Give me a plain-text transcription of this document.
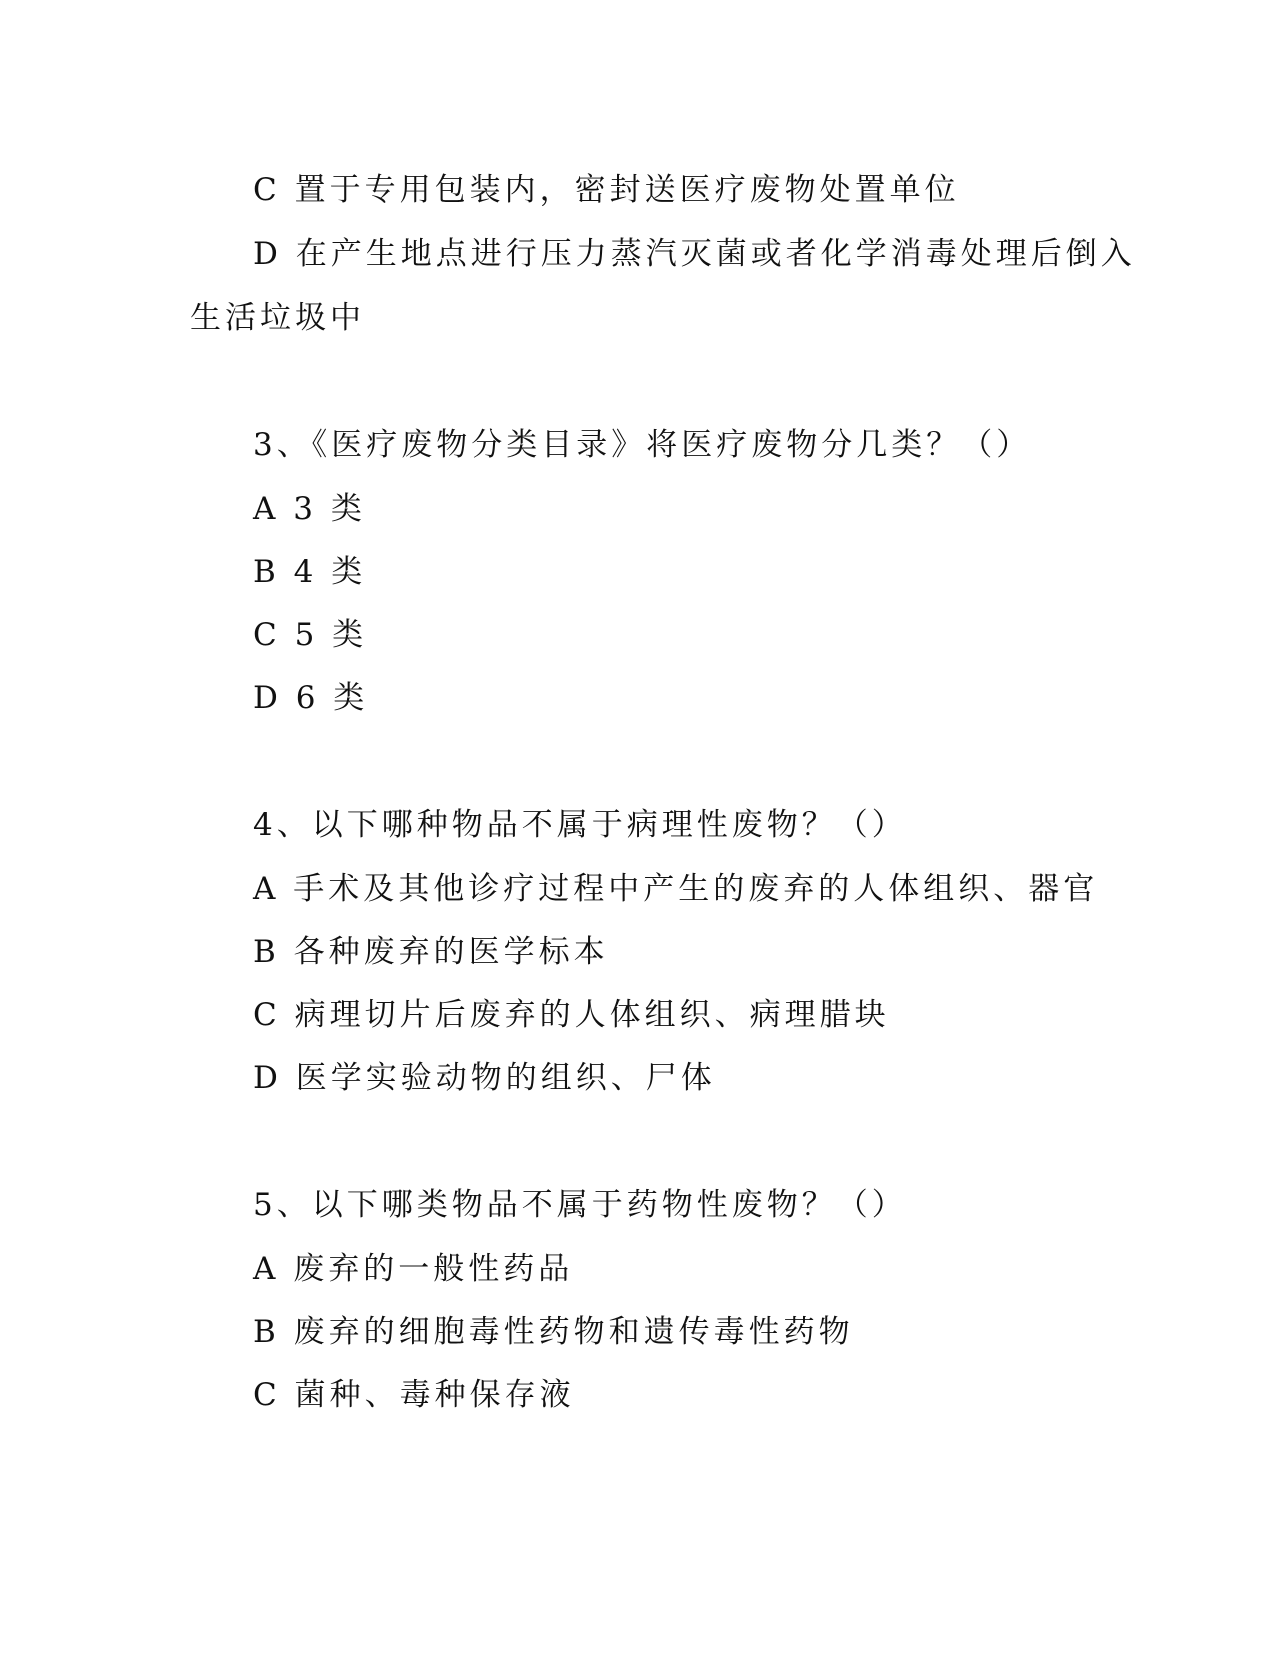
C 置于专用包装内，密封送医疗废物处置单位
D 在产生地点进行压力蒸汽灭菌或者化学消毒处理后倒入
生活垃圾中
3、《医疗废物分类目录》将医疗废物分几类？（）
A 3 类
B 4 类
C 5 类
D 6 类
4、以下哪种物品不属于病理性废物？（）
A 手术及其他诊疗过程中产生的废弃的人体组织、器官
B 各种废弃的医学标本
C 病理切片后废弃的人体组织、病理腊块
D 医学实验动物的组织、尸体
5、以下哪类物品不属于药物性废物？（）
A 废弃的一般性药品
B 废弃的细胞毒性药物和遗传毒性药物
C 菌种、毒种保存液
